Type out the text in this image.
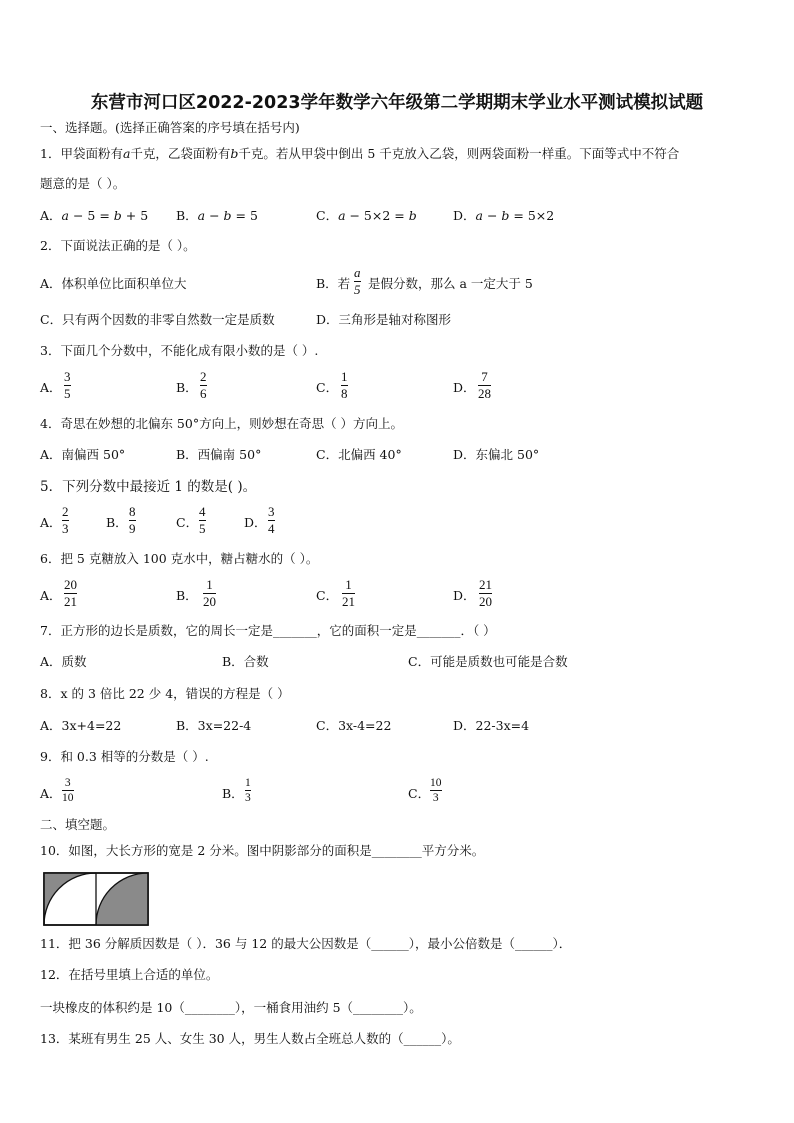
东营市河口区2022-2023学年数学六年级第二学期期末学业水平测试模拟试题
一、选择题。(选择正确答案的序号填在括号内)
1．甲袋面粉有𝑎千克，乙袋面粉有𝑏千克。若从甲袋中倒出 5 千克放入乙袋，则两袋面粉一样重。下面等式中不符合
题意的是（ ）。
A．𝑎 − 5 = 𝑏 + 5 B．𝑎 − 𝑏 = 5	C．𝑎 − 5×2 = 𝑏	D．𝑎 − 𝑏 = 5×2
2．下面说法正确的是（ ）。
A．体积单位比面积单位大	B．若
a
5 是假分数，那么 a 一定大于 5
C．只有两个因数的非零自然数一定是质数	D．三角形是轴对称图形
3．下面几个分数中，不能化成有限小数的是（ ）.
A．
3
5	B．
2
6	C．
1
8	D．
7
28
4．奇思在妙想的北偏东 50°方向上，则妙想在奇思（ ）方向上。
A．南偏西 50°	B．西偏南 50°	C．北偏西 40°	D．东偏北 50°
5．下列分数中最接近 1 的数是( )。
A．
2
3	B．
8
9	C．
4
5	D．
3
4
6．把 5 克糖放入 100 克水中，糖占糖水的（ ）。
A．
20
21	B．
1
20	C．
1
21	D．
21
20
7．正方形的边长是质数，它的周长一定是_______，它的面积一定是_______．（ ）
A．质数	B．合数	C．可能是质数也可能是合数
8．x 的 3 倍比 22 少 4，错误的方程是（ ）
A．3x+4=22	B．3x=22-4	C．3x-4=22	D．22-3x=4
9．和 0.3 相等的分数是（ ）.
A．
3
10	B．
1
3	C．
10
3
二、填空题。
10．如图，大长方形的宽是 2 分米。图中阴影部分的面积是________平方分米。
11．把 36 分解质因数是（ ）．36 与 12 的最大公因数是（______），最小公倍数是（______）．
12．在括号里填上合适的单位。
一块橡皮的体积约是 10（________），一桶食用油约 5（________）。
13．某班有男生 25 人、女生 30 人，男生人数占全班总人数的（______）。
